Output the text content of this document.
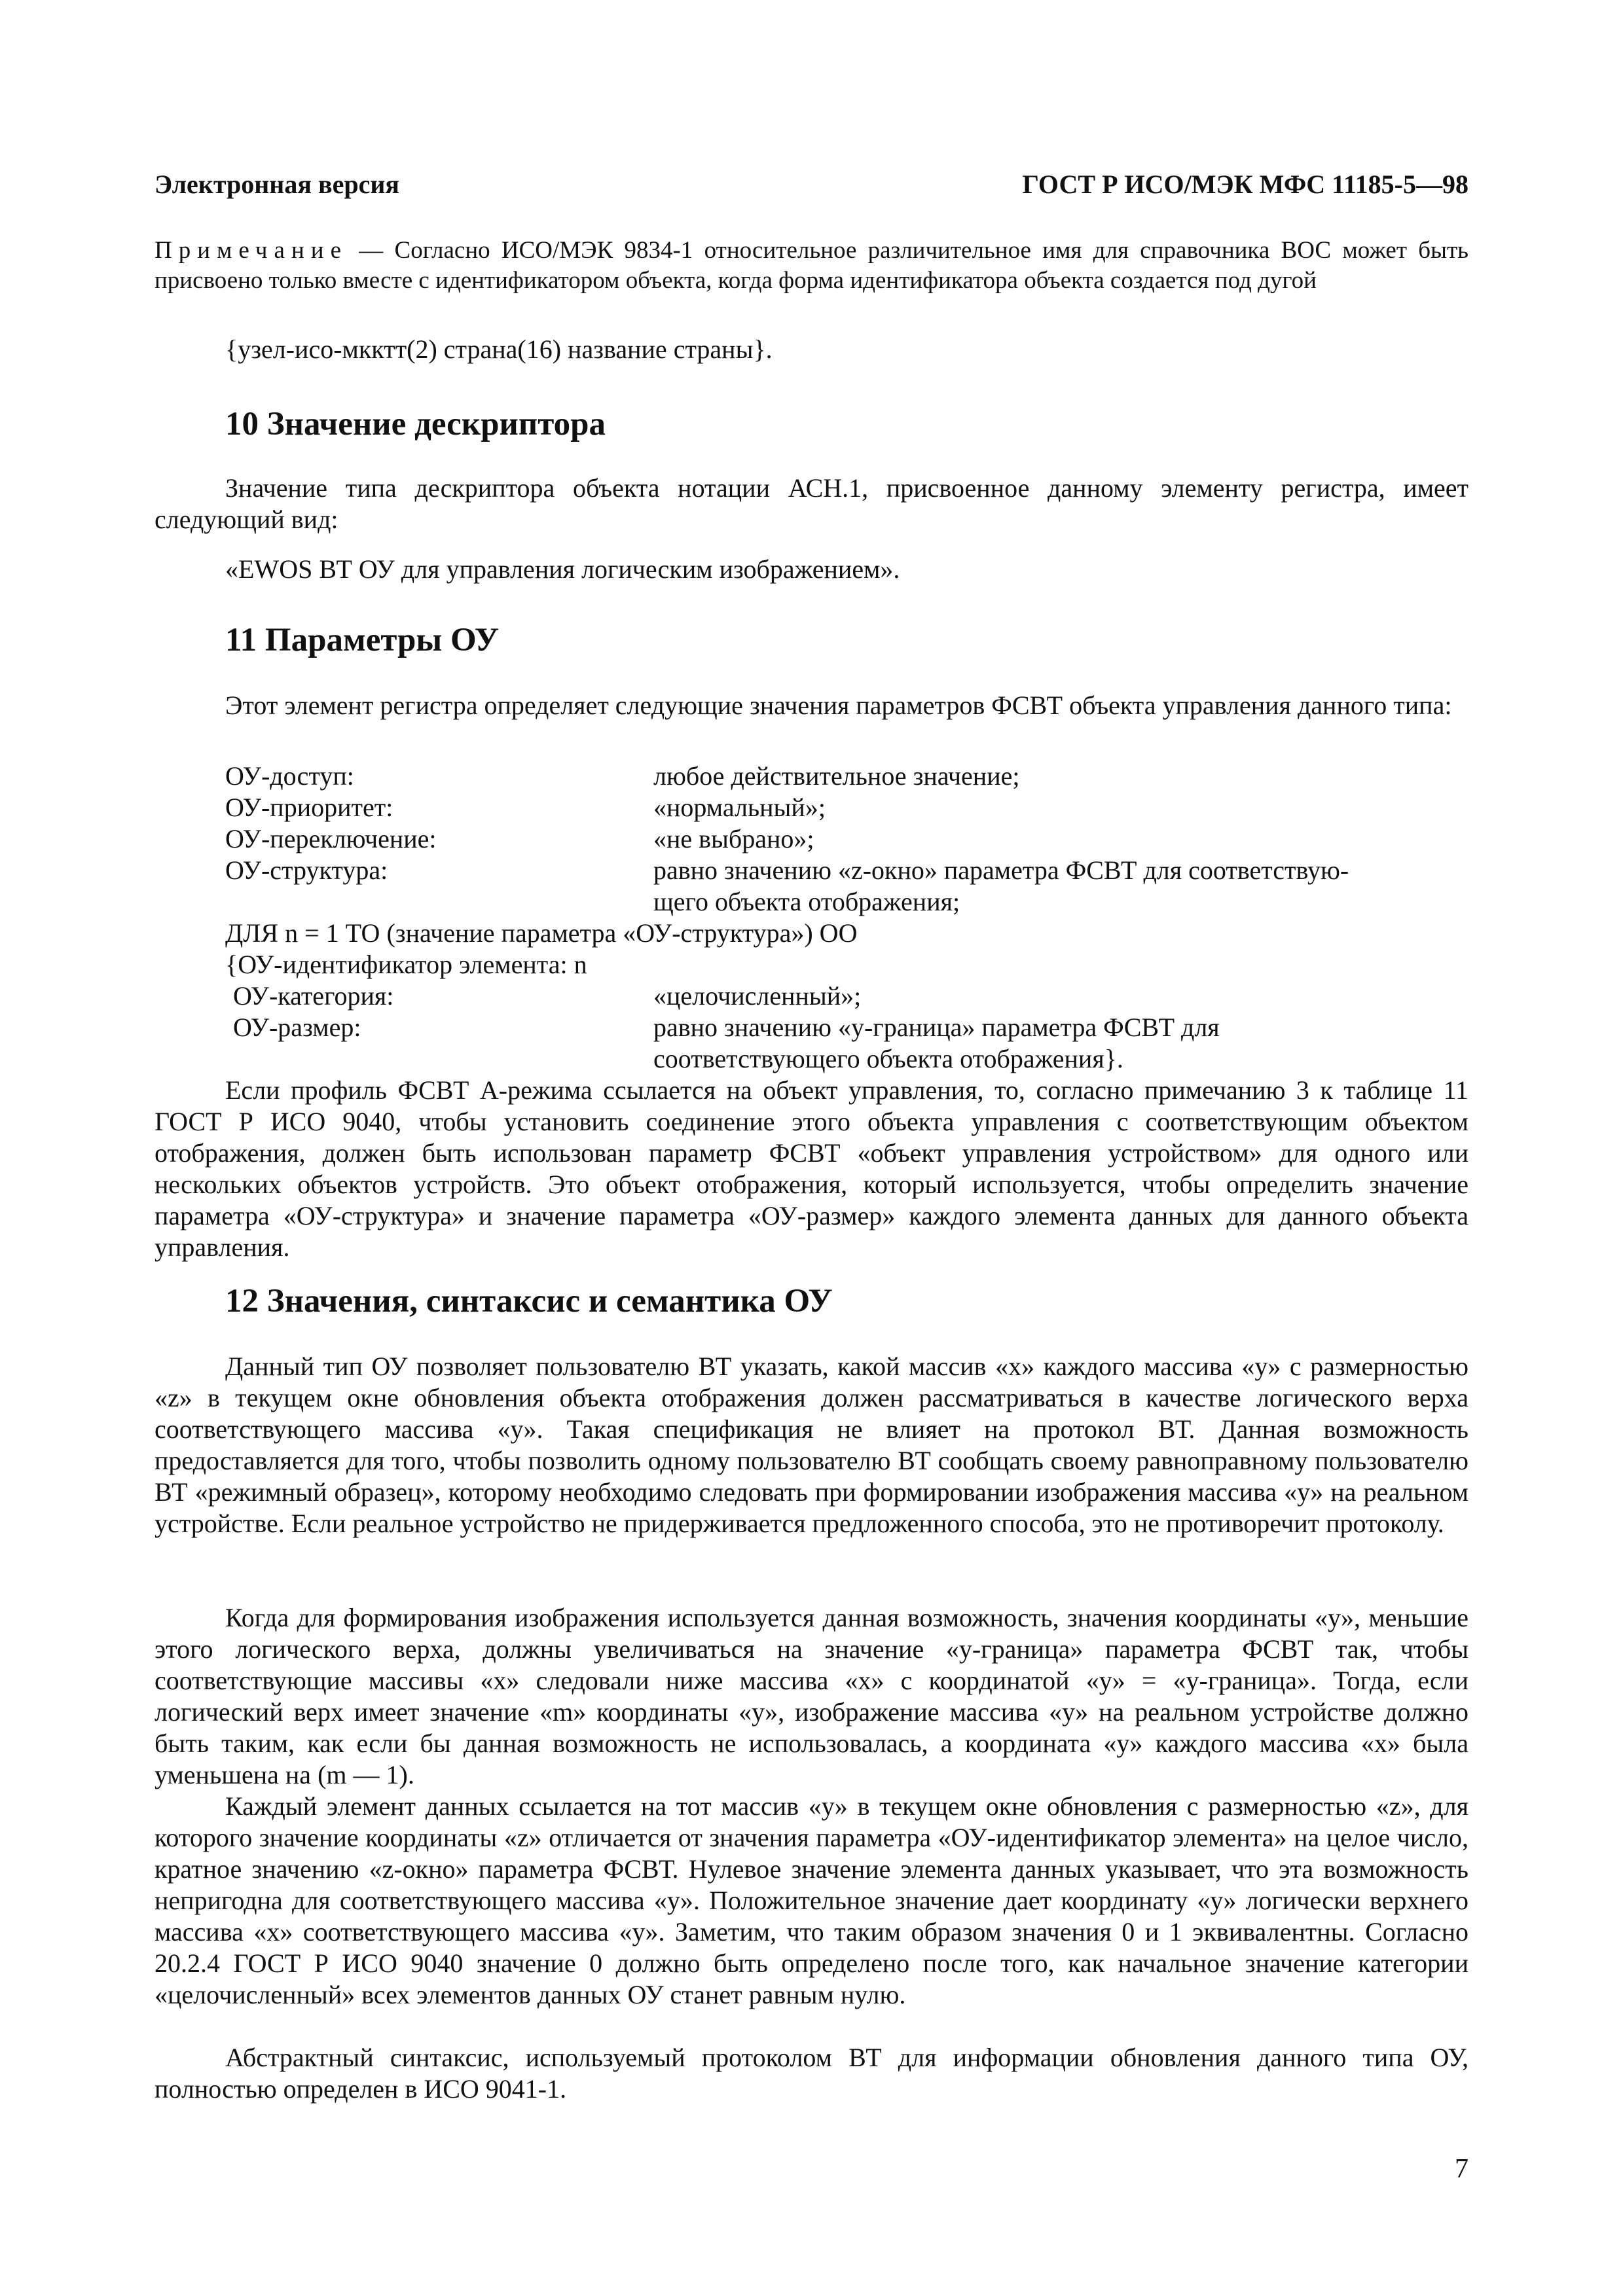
Электронная версия	ГОСТ Р ИСО/МЭК МФС 11185-5—98
Примечание — Согласно ИСО/МЭК 9834-1 относительное различительное имя для справочника ВОС может быть присвоено только вместе с идентификатором объекта, когда форма идентификатора объекта создается под дугой
{узел-исо-мкктт(2) страна(16) название страны}.
10 Значение дескриптора

Значение типа дескриптора объекта нотации АСН.1, присвоенное данному элементу регистра, имеет следующий вид:

«EWOS ВТ ОУ для управления логическим изображением».
11 Параметры ОУ

Этот элемент регистра определяет следующие значения параметров ФСВТ объекта управления данного типа:

ОУ-доступ:	любое действительное значение;
ОУ-приоритет:	«нормальный»;
ОУ-переключение:	«не выбрано»;
ОУ-структура:	равно значению «z-окно» параметра ФСВТ для соответствую-
щего объекта отображения;
ДЛЯ n = 1 ТО (значение параметра «ОУ-структура») ОО
{ОУ-идентификатор элемента: n
ОУ-категория:	«целочисленный»;
ОУ-размер:	равно значению «y-граница» параметра ФСВТ для
соответствующего объекта отображения}.

Если профиль ФСВТ А-режима ссылается на объект управления, то, согласно примечанию 3 к таблице 11 ГОСТ Р ИСО 9040, чтобы установить соединение этого объекта управления с соответствующим объектом отображения, должен быть использован параметр ФСВТ «объект управления устройством» для одного или нескольких объектов устройств. Это объект отображения, который используется, чтобы определить значение параметра «ОУ-структура» и значение параметра «ОУ-размер» каждого элемента данных для данного объекта управления.

12 Значения, синтаксис и семантика ОУ

Данный тип ОУ позволяет пользователю ВТ указать, какой массив «x» каждого массива «y» с размерностью «z» в текущем окне обновления объекта отображения должен рассматриваться в качестве логического верха соответствующего массива «y». Такая спецификация не влияет на протокол ВТ. Данная возможность предоставляется для того, чтобы позволить одному пользователю ВТ сообщать своему равноправному пользователю ВТ «режимный образец», которому необходимо следовать при формировании изображения массива «y» на реальном устройстве. Если реальное устройство не придерживается предложенного способа, это не противоречит протоколу.

Когда для формирования изображения используется данная возможность, значения координаты «y», меньшие этого логического верха, должны увеличиваться на значение «y-граница» параметра ФСВТ так, чтобы соответствующие массивы «x» следовали ниже массива «x» с координатой «y» = «y-граница». Тогда, если логический верх имеет значение «m» координаты «y», изображение массива «y» на реальном устройстве должно быть таким, как если бы данная возможность не использовалась, а координата «y» каждого массива «x» была уменьшена на (m — 1).

Каждый элемент данных ссылается на тот массив «y» в текущем окне обновления с размерностью «z», для которого значение координаты «z» отличается от значения параметра «ОУ-идентификатор элемента» на целое число, кратное значению «z-окно» параметра ФСВТ. Нулевое значение элемента данных указывает, что эта возможность непригодна для соответствующего массива «y». Положительное значение дает координату «y» логически верхнего массива «x» соответствующего массива «y». Заметим, что таким образом значения 0 и 1 эквивалентны. Согласно 20.2.4 ГОСТ Р ИСО 9040 значение 0 должно быть определено после того, как начальное значение категории «целочисленный» всех элементов данных ОУ станет равным нулю.

Абстрактный синтаксис, используемый протоколом ВТ для информации обновления данного типа ОУ, полностью определен в ИСО 9041-1.

7
